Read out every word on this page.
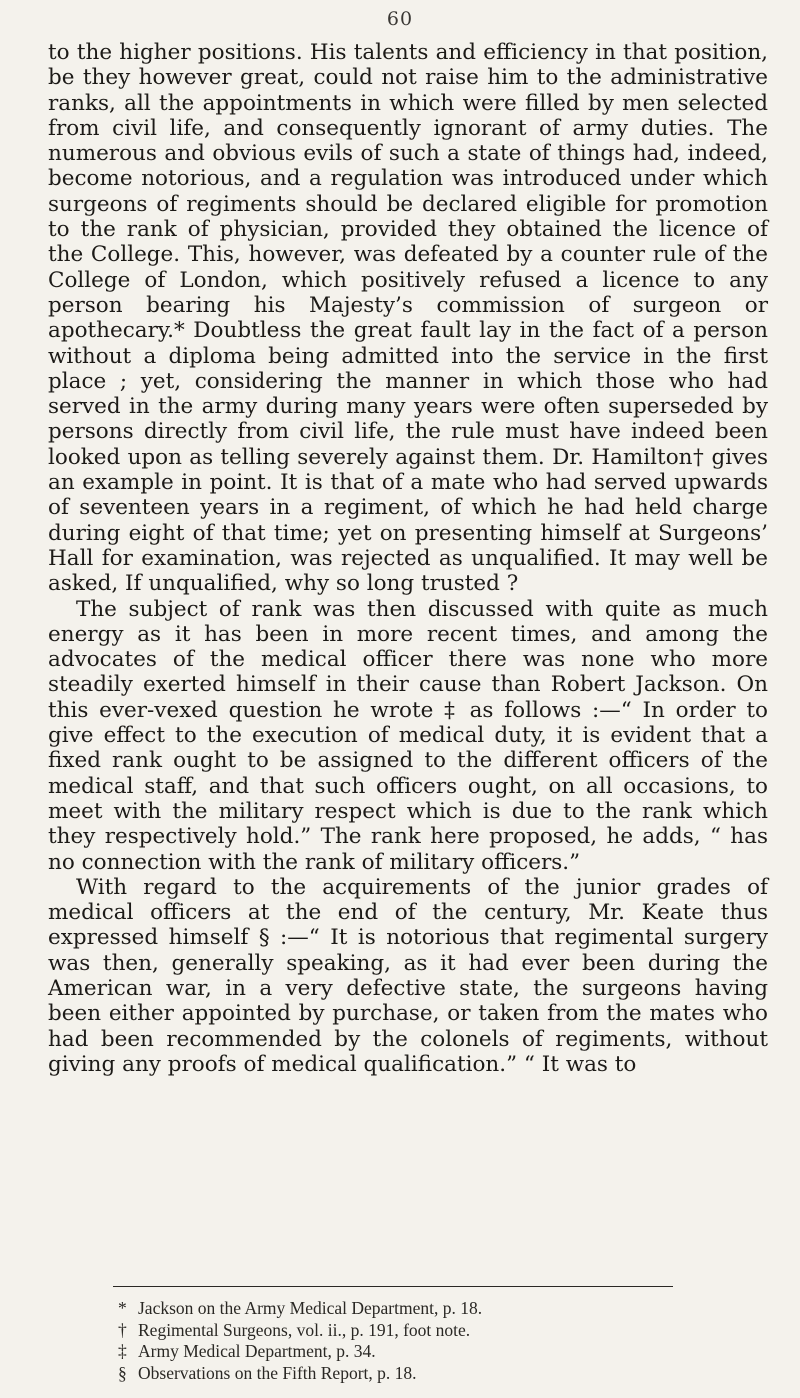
60

to the higher positions. His talents and efficiency in that position, be they however great, could not raise him to the administrative ranks, all the appointments in which were filled by men selected from civil life, and consequently ignorant of army duties. The numerous and obvious evils of such a state of things had, indeed, become notorious, and a regulation was introduced under which surgeons of regiments should be declared eligible for promotion to the rank of physician, provided they obtained the licence of the College. This, however, was defeated by a counter rule of the College of London, which positively refused a licence to any person bearing his Majesty’s commission of surgeon or apothecary.* Doubtless the great fault lay in the fact of a person without a diploma being admitted into the service in the first place ; yet, considering the manner in which those who had served in the army during many years were often superseded by persons directly from civil life, the rule must have indeed been looked upon as telling severely against them. Dr. Hamilton† gives an example in point. It is that of a mate who had served upwards of seventeen years in a regiment, of which he had held charge during eight of that time; yet on presenting himself at Surgeons’ Hall for examination, was rejected as unqualified. It may well be asked, If unqualified, why so long trusted ?

The subject of rank was then discussed with quite as much energy as it has been in more recent times, and among the advocates of the medical officer there was none who more steadily exerted himself in their cause than Robert Jackson. On this ever-vexed question he wrote ‡ as follows :—“ In order to give effect to the execution of medical duty, it is evident that a fixed rank ought to be assigned to the different officers of the medical staff, and that such officers ought, on all occasions, to meet with the military respect which is due to the rank which they respectively hold.” The rank here proposed, he adds, “ has no connection with the rank of military officers.”

With regard to the acquirements of the junior grades of medical officers at the end of the century, Mr. Keate thus expressed himself § :—“ It is notorious that regimental surgery was then, generally speaking, as it had ever been during the American war, in a very defective state, the surgeons having been either appointed by purchase, or taken from the mates who had been recommended by the colonels of regiments, without giving any proofs of medical qualification.” “ It was to

* Jackson on the Army Medical Department, p. 18.
† Regimental Surgeons, vol. ii., p. 191, foot note.
‡ Army Medical Department, p. 34.
§ Observations on the Fifth Report, p. 18.
